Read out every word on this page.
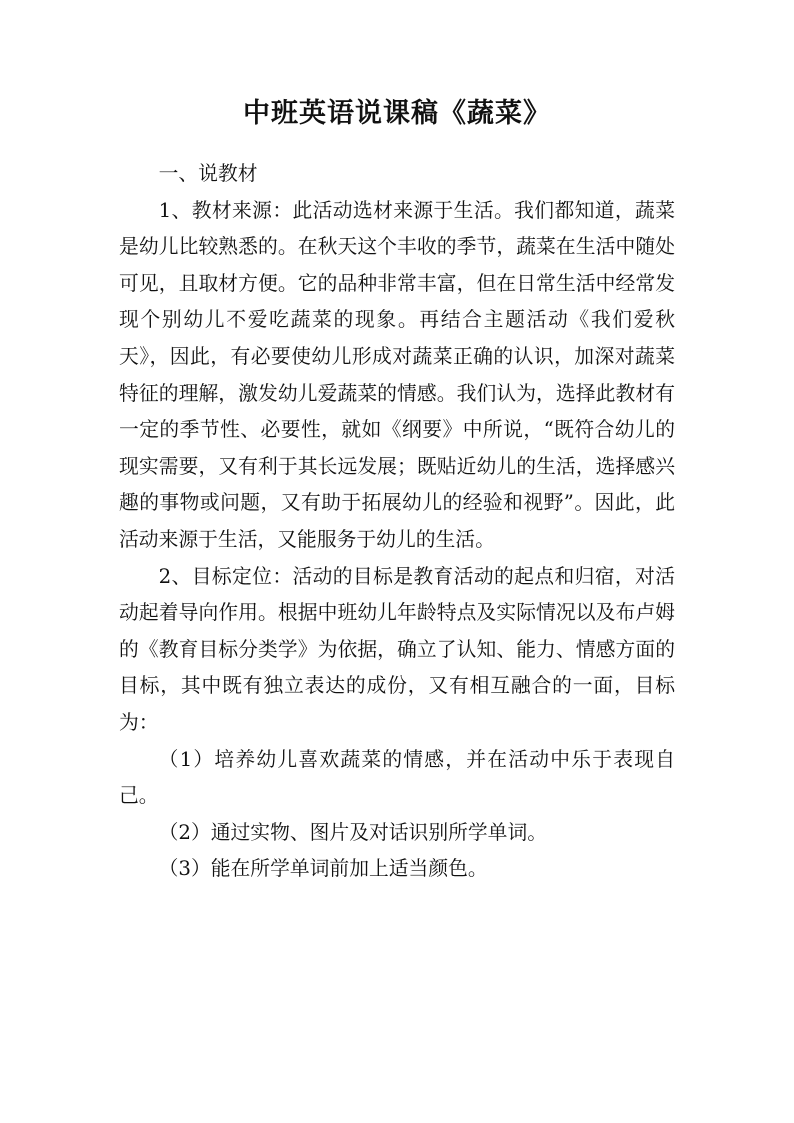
中班英语说课稿《蔬菜》

一、说教材

1、教材来源：此活动选材来源于生活。我们都知道，蔬菜是幼儿比较熟悉的。在秋天这个丰收的季节，蔬菜在生活中随处可见，且取材方便。它的品种非常丰富，但在日常生活中经常发现个别幼儿不爱吃蔬菜的现象。再结合主题活动《我们爱秋天》，因此，有必要使幼儿形成对蔬菜正确的认识，加深对蔬菜特征的理解，激发幼儿爱蔬菜的情感。我们认为，选择此教材有一定的季节性、必要性，就如《纲要》中所说，“既符合幼儿的现实需要，又有利于其长远发展；既贴近幼儿的生活，选择感兴趣的事物或问题，又有助于拓展幼儿的经验和视野”。因此，此活动来源于生活，又能服务于幼儿的生活。

2、目标定位：活动的目标是教育活动的起点和归宿，对活动起着导向作用。根据中班幼儿年龄特点及实际情况以及布卢姆的《教育目标分类学》为依据，确立了认知、能力、情感方面的目标，其中既有独立表达的成份，又有相互融合的一面，目标为：

（1）培养幼儿喜欢蔬菜的情感，并在活动中乐于表现自己。

（2）通过实物、图片及对话识别所学单词。

（3）能在所学单词前加上适当颜色。
